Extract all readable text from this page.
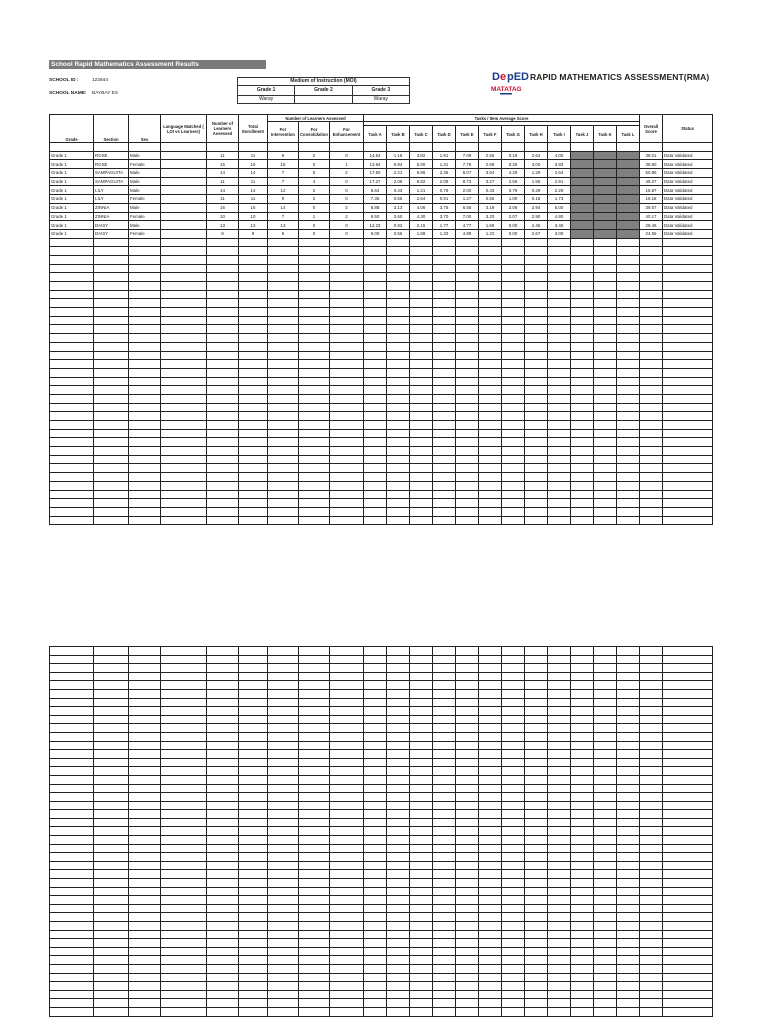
School Rapid Mathematics Assessment Results
SCHOOL ID :	122844
SCHOOL NAME:	BAYBAY ES
Medium of Instruction (MOI)		
Grade 1	Grade 2	Grade 3
Waray		Waray
D e pED
MATATAG
RAPID MATHEMATICS ASSESSMENT(RMA)
Grade	Section	Sex	Language Matched ( LOI vs Learners)	Number of Learners Assessed	Total Enrollment	Number of Learners Assessed			Tasks / Item Average Score												Overall Score	Status
						For Intervention	For Consolidation	For Enhancement														
									Task A	Task B	Task C	Task D	Task E	Task F	Task G	Task H	Task I	Task J	Task K	Task L		

Grade 1	ROSE	Male		11	11	9	2	0	14.64	1.18	3.82	1.91	7.09	2.55	0.18	2.64	4.00				38.01	Data Validated
Grade 1	ROSE	Female		16	16	15	0	1	13.94	0.94	5.00	1.31	7.75	2.69	0.25	3.00	3.93				38.80	Data Validated
Grade 1	SAMPAGUITA	Male		14	14	7	5	2	17.50	2.21	8.86	2.36	8.07	3.64	4.29	1.29	2.64				50.86	Data Validated
Grade 1	SAMPAGUITA	Male		11	11	7	4	0	17.27	2.09	8.82	2.09	8.73	3.27	2.55	1.55	2.91				49.27	Data Validated
Grade 1	LILY	Male		14	14	12	2	0	8.64	0.43	1.21	0.79	2.00	0.43	0.79	0.29	2.29				16.87	Data Validated
Grade 1	LILY	Female		11	11	9	2	0	7.36	0.55	2.64	0.91	1.27	0.55	1.00	0.18	1.73				16.18	Data Validated
Grade 1	ZINNIA	Male		16	16	14	0	2	8.88	3.13	4.06	3.75	6.56	3.19	2.06	2.94	5.00				39.57	Data Validated
Grade 1	ZINNIA	Female		10	10	7	1	2	9.50	2.60	4.30	3.70	7.00	3.20	2.07	2.90	4.90				40.17	Data Validated
Grade 1	DAISY	Male		13	13	13	0	0	12.23	0.92	2.15	1.77	4.77	1.69	0.00	2.46	3.46				29.45	Data Validated
Grade 1	DAISY	Female		9	9	9	0	0	9.00	0.56	1.89	1.33	4.89	1.22	0.00	2.67	3.00				24.56	Data Validated
